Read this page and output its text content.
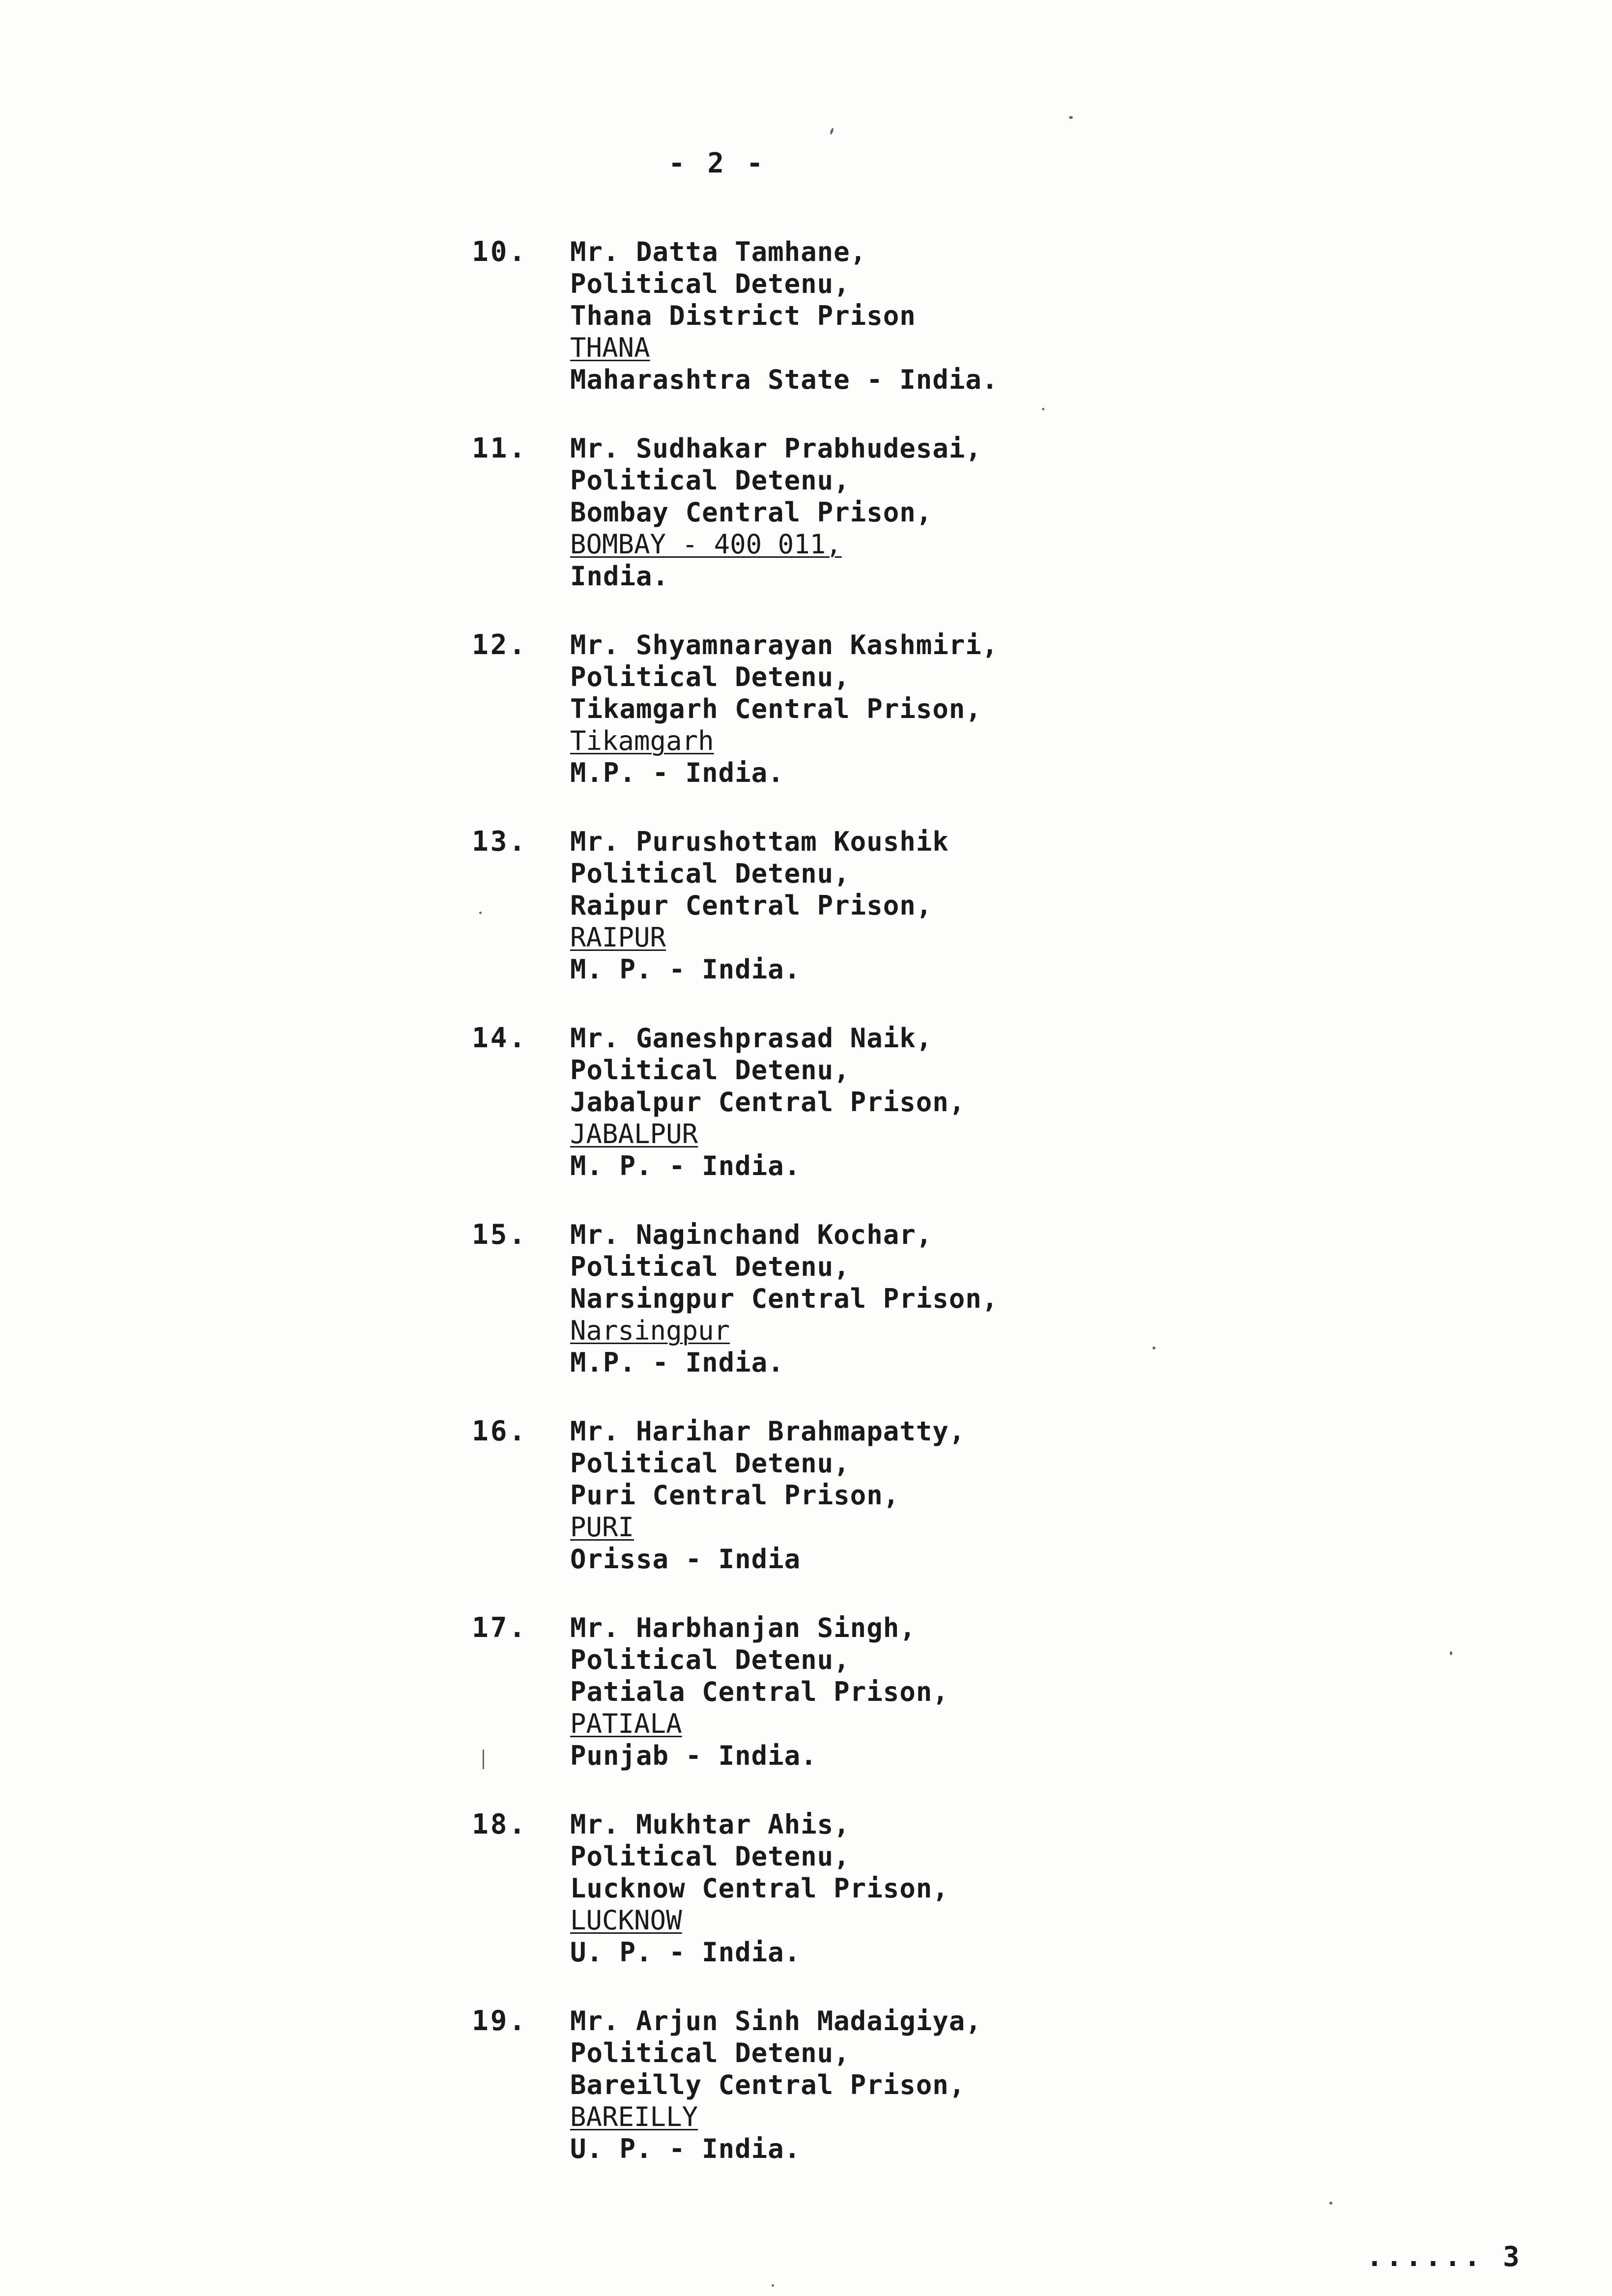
- 2 -
10. Mr. Datta Tamhane,
Political Detenu,
Thana District Prison
THANA
Maharashtra State - India.
11. Mr. Sudhakar Prabhudesai,
Political Detenu,
Bombay Central Prison,
BOMBAY - 400 011,
India.
12. Mr. Shyamnarayan Kashmiri,
Political Detenu,
Tikamgarh Central Prison,
Tikamgarh
M.P. - India.
13. Mr. Purushottam Koushik
Political Detenu,
Raipur Central Prison,
RAIPUR
M. P. - India.
14. Mr. Ganeshprasad Naik,
Political Detenu,
Jabalpur Central Prison,
JABALPUR
M. P. - India.
15. Mr. Naginchand Kochar,
Political Detenu,
Narsingpur Central Prison,
Narsingpur
M.P. - India.
16. Mr. Harihar Brahmapatty,
Political Detenu,
Puri Central Prison,
PURI
Orissa - India
17. Mr. Harbhanjan Singh,
Political Detenu,
Patiala Central Prison,
PATIALA
Punjab - India.
18. Mr. Mukhtar Ahis,
Political Detenu,
Lucknow Central Prison,
LUCKNOW
U. P. - India.
19. Mr. Arjun Sinh Madaigiya,
Political Detenu,
Bareilly Central Prison,
BAREILLY
U. P. - India.
...... 3
